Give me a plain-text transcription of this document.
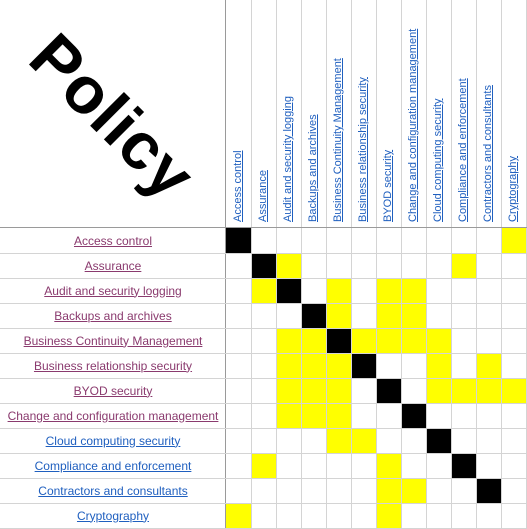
Policy Access control Assurance Audit and security logging Backups and archives Business Continuity Management Business relationship security BYOD security Change and configuration management Cloud computing security Compliance and enforcement Contractors and consultants Cryptography
Access control
Assurance
Audit and security logging
Backups and archives
Business Continuity Management
Business relationship security
BYOD security
Change and configuration management
Cloud computing security
Compliance and enforcement
Contractors and consultants
Cryptography
